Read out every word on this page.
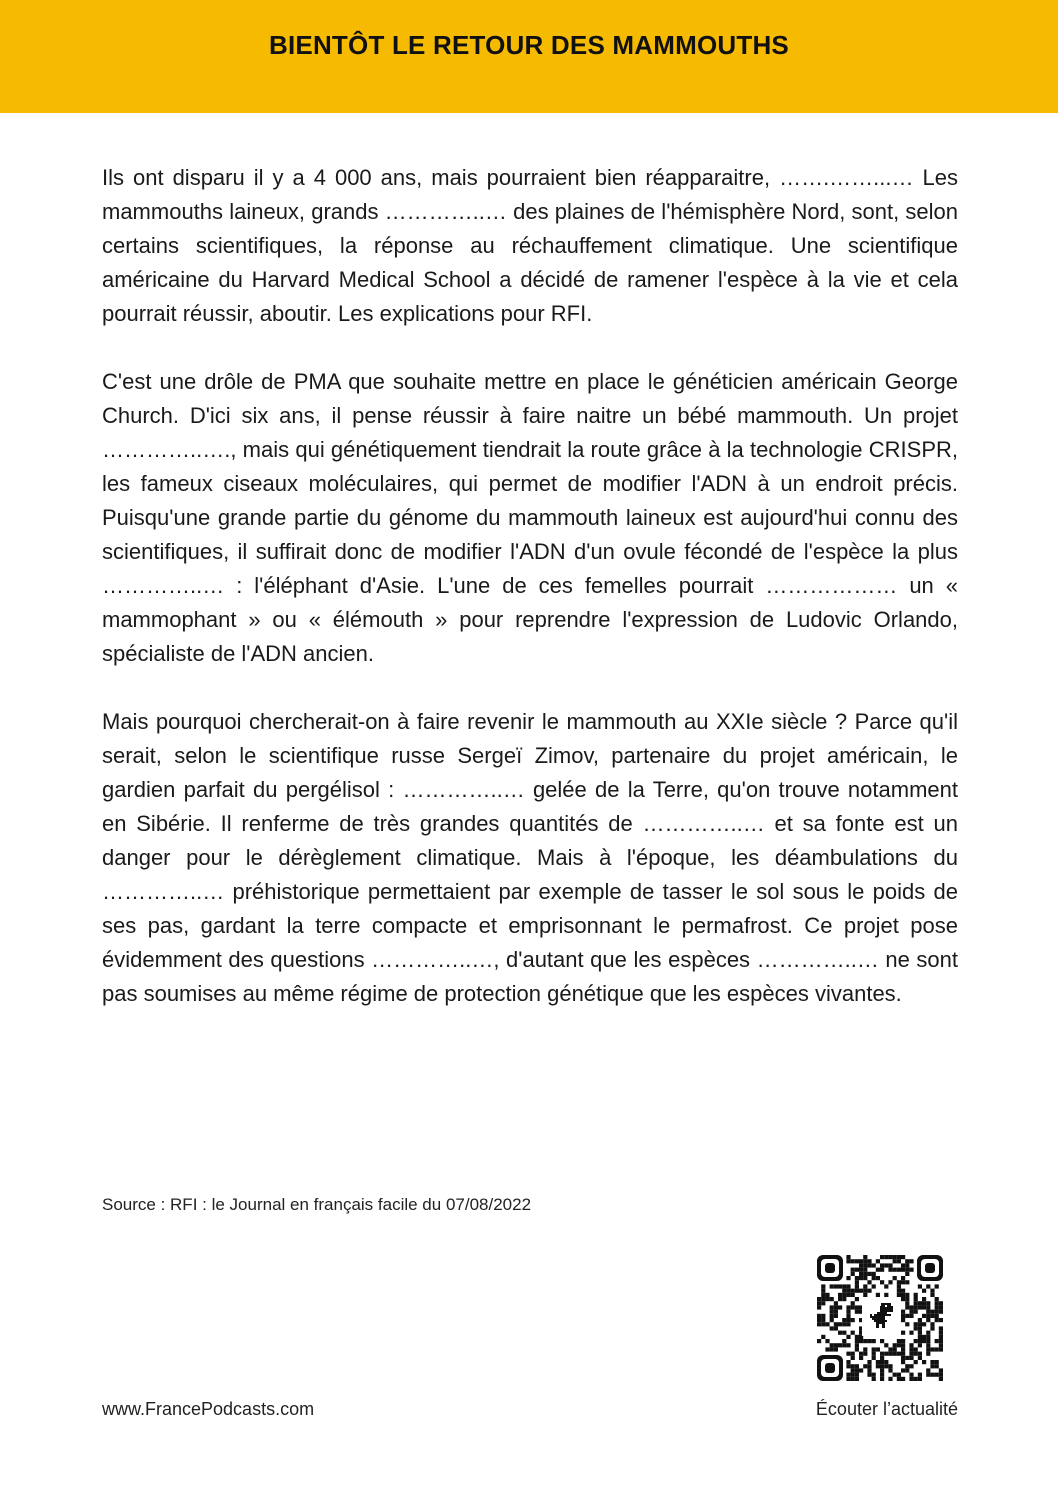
BIENTÔT LE RETOUR DES MAMMOUTHS

Ils ont disparu il y a 4 000 ans, mais pourraient bien réapparaitre, …….……...… Les mammouths laineux, grands …………..… des plaines de l'hémisphère Nord, sont, selon certains scientifiques, la réponse au réchauffement climatique. Une scientifique américaine du Harvard Medical School a décidé de ramener l'espèce à la vie et cela pourrait réussir, aboutir. Les explications pour RFI.

C'est une drôle de PMA que souhaite mettre en place le généticien américain George Church. D'ici six ans, il pense réussir à faire naitre un bébé mammouth. Un projet …………..…., mais qui génétiquement tiendrait la route grâce à la technologie CRISPR, les fameux ciseaux moléculaires, qui permet de modifier l'ADN à un endroit précis. Puisqu'une grande partie du génome du mammouth laineux est aujourd'hui connu des scientifiques, il suffirait donc de modifier l'ADN d'un ovule fécondé de l'espèce la plus …………..… : l'éléphant d'Asie. L'une de ces femelles pourrait ……………… un « mammophant » ou « élémouth » pour reprendre l'expression de Ludovic Orlando, spécialiste de l'ADN ancien.

Mais pourquoi chercherait-on à faire revenir le mammouth au XXIe siècle ? Parce qu'il serait, selon le scientifique russe Sergeï Zimov, partenaire du projet américain, le gardien parfait du pergélisol : …………..… gelée de la Terre, qu'on trouve notamment en Sibérie. Il renferme de très grandes quantités de …………..… et sa fonte est un danger pour le dérèglement climatique. Mais à l'époque, les déambulations du …………..… préhistorique permettaient par exemple de tasser le sol sous le poids de ses pas, gardant la terre compacte et emprisonnant le permafrost. Ce projet pose évidemment des questions …………..…, d'autant que les espèces …………..… ne sont pas soumises au même régime de protection génétique que les espèces vivantes.

Source : RFI : le Journal en français facile du 07/08/2022
www.FrancePodcasts.com	Écouter l’actualité
